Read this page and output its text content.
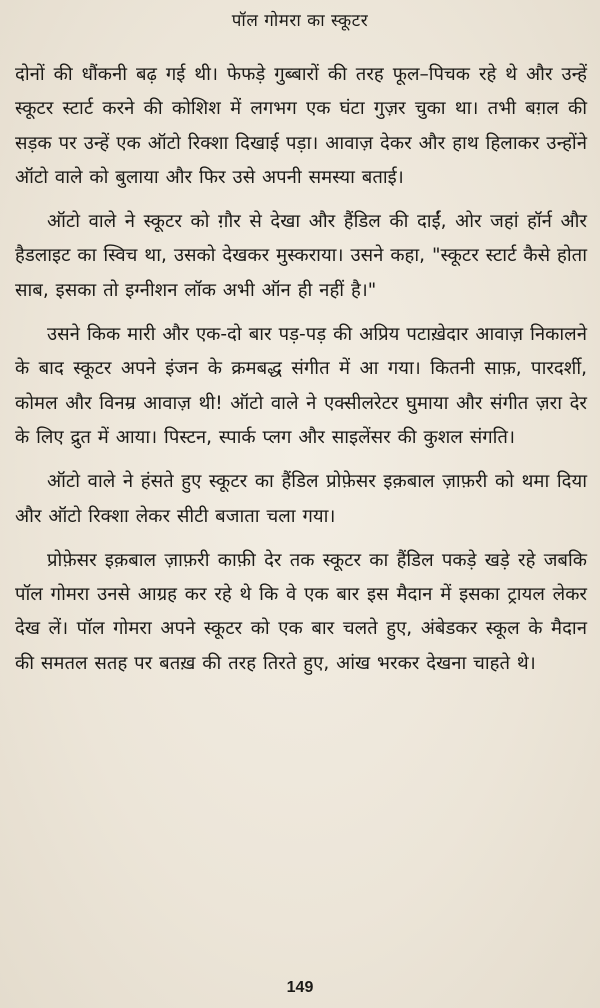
पॉल गोमरा का स्कूटर

दोनों की धौंकनी बढ़ गई थी। फेफड़े गुब्बारों की तरह फूल–पिचक रहे थे और उन्हें स्कूटर स्टार्ट करने की कोशिश में लगभग एक घंटा गुज़र चुका था। तभी बग़ल की सड़क पर उन्हें एक ऑटो रिक्शा दिखाई पड़ा। आवाज़ देकर और हाथ हिलाकर उन्होंने ऑटो वाले को बुलाया और फिर उसे अपनी समस्या बताई।

ऑटो वाले ने स्कूटर को ग़ौर से देखा और हैंडिल की दाईं, ओर जहां हॉर्न और हैडलाइट का स्विच था, उसको देखकर मुस्कराया। उसने कहा, "स्कूटर स्टार्ट कैसे होता साब, इसका तो इग्नीशन लॉक अभी ऑन ही नहीं है।"

उसने किक मारी और एक-दो बार पड़-पड़ की अप्रिय पटाख़ेदार आवाज़ निकालने के बाद स्कूटर अपने इंजन के क्रमबद्ध संगीत में आ गया। कितनी साफ़, पारदर्शी, कोमल और विनम्र आवाज़ थी! ऑटो वाले ने एक्सीलरेटर घुमाया और संगीत ज़रा देर के लिए द्रुत में आया। पिस्टन, स्पार्क प्लग और साइलेंसर की कुशल संगति।

ऑटो वाले ने हंसते हुए स्कूटर का हैंडिल प्रोफ़ेसर इक़बाल ज़ाफ़री को थमा दिया और ऑटो रिक्शा लेकर सीटी बजाता चला गया।

प्रोफ़ेसर इक़बाल ज़ाफ़री काफ़ी देर तक स्कूटर का हैंडिल पकड़े खड़े रहे जबकि पॉल गोमरा उनसे आग्रह कर रहे थे कि वे एक बार इस मैदान में इसका ट्रायल लेकर देख लें। पॉल गोमरा अपने स्कूटर को एक बार चलते हुए, अंबेडकर स्कूल के मैदान की समतल सतह पर बतख़ की तरह तिरते हुए, आंख भरकर देखना चाहते थे।

149
